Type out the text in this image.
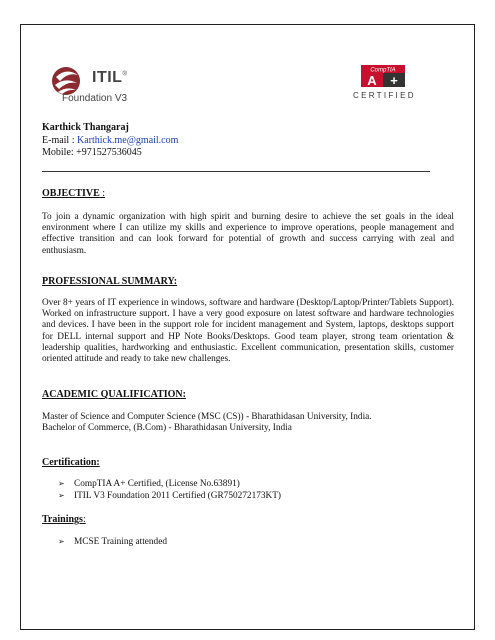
ITIL®
Foundation V3
CompTIA
A +
CERTIFIED
Karthick Thangaraj
E-mail : Karthick.me@gmail.com
Mobile: +971527536045
OBJECTIVE :

To join a dynamic organization with high spirit and burning desire to achieve the set goals in the ideal environment where I can utilize my skills and experience to improve operations, people management and effective transition and can look forward for potential of growth and success carrying with zeal and enthusiasm.

PROFESSIONAL SUMMARY:

Over 8+ years of IT experience in windows, software and hardware (Desktop/Laptop/Printer/Tablets Support). Worked on infrastructure support. I have a very good exposure on latest software and hardware technologies and devices. I have been in the support role for incident management and System, laptops, desktops support for DELL internal support and HP Note Books/Desktops. Good team player, strong team orientation & leadership qualities, hardworking and enthusiastic. Excellent communication, presentation skills, customer oriented attitude and ready to take new challenges.

ACADEMIC QUALIFICATION:
Master of Science and Computer Science (MSC (CS)) - Bharathidasan University, India.
Bachelor of Commerce, (B.Com) - Bharathidasan University, India
Certification:
➢ CompTIA A+ Certified, (License No.63891)
➢ ITIL V3 Foundation 2011 Certified (GR750272173KT)
Trainings:
➢ MCSE Training attended
